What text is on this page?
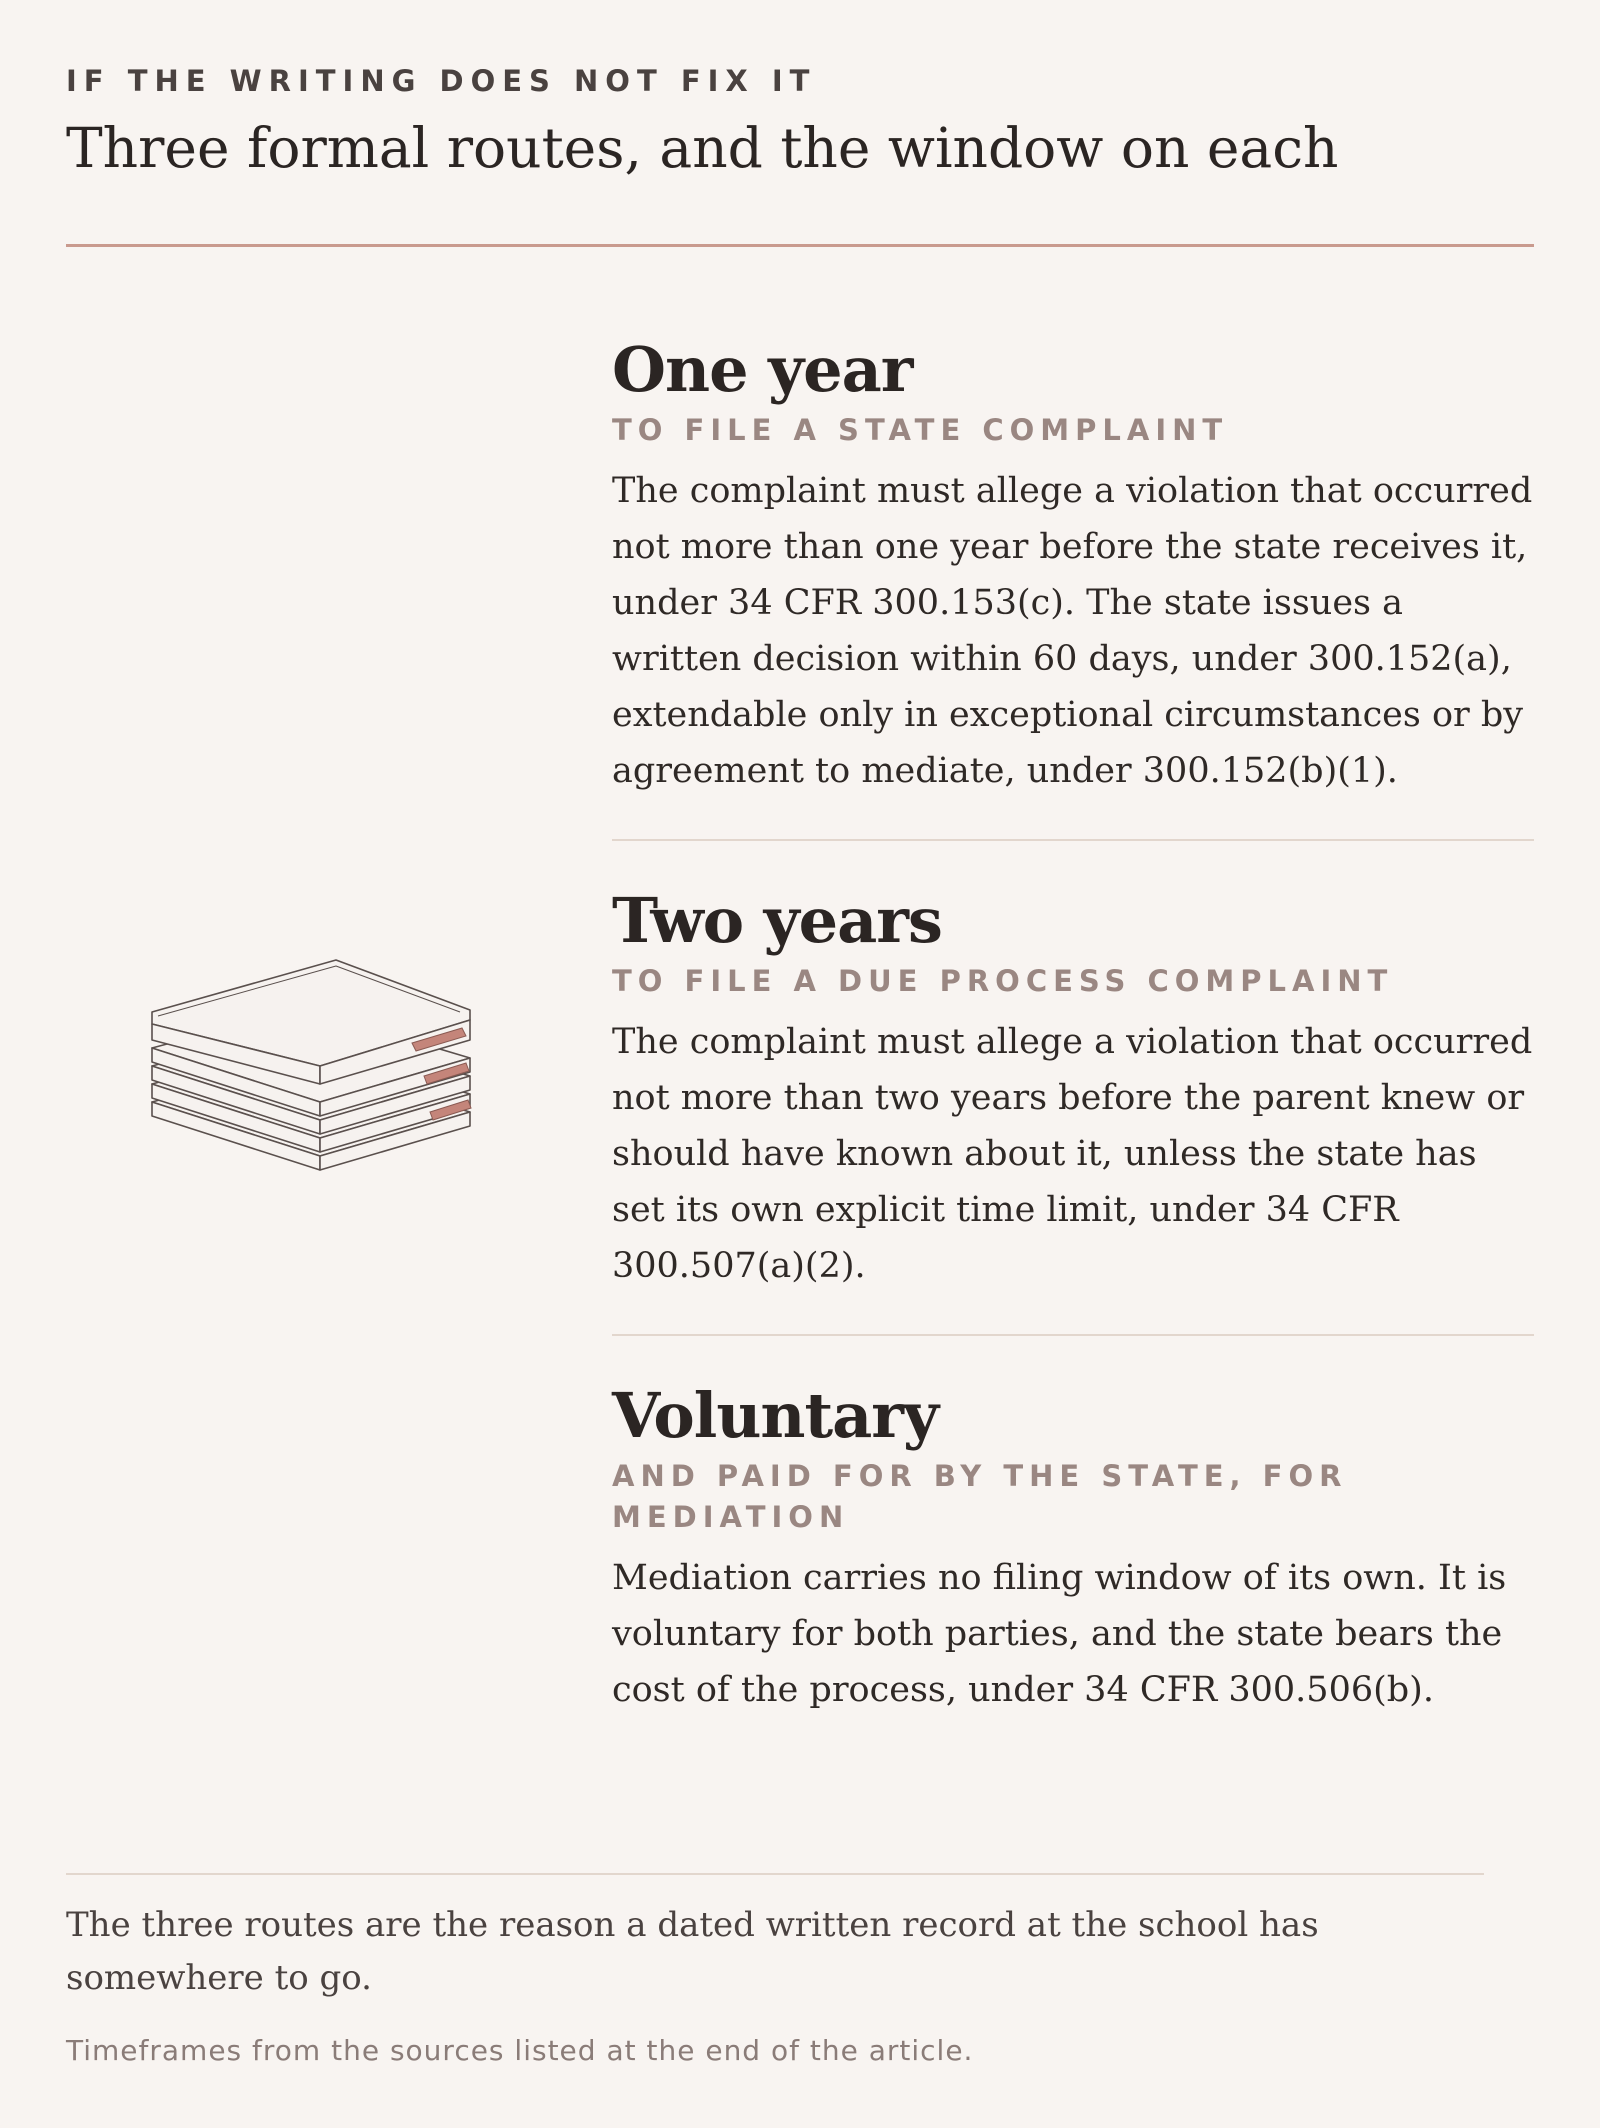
IF THE WRITING DOES NOT FIX IT
Three formal routes, and the window on each
One year
TO FILE A STATE COMPLAINT
The complaint must allege a violation that occurred not more than one year before the state receives it, under 34 CFR 300.153(c). The state issues a written decision within 60 days, under 300.152(a), extendable only in exceptional circumstances or by agreement to mediate, under 300.152(b)(1).
Two years
TO FILE A DUE PROCESS COMPLAINT
The complaint must allege a violation that occurred not more than two years before the parent knew or should have known about it, unless the state has set its own explicit time limit, under 34 CFR 300.507(a)(2).
Voluntary
AND PAID FOR BY THE STATE, FOR MEDIATION
Mediation carries no filing window of its own. It is voluntary for both parties, and the state bears the cost of the process, under 34 CFR 300.506(b).
The three routes are the reason a dated written record at the school has somewhere to go.
Timeframes from the sources listed at the end of the article.
